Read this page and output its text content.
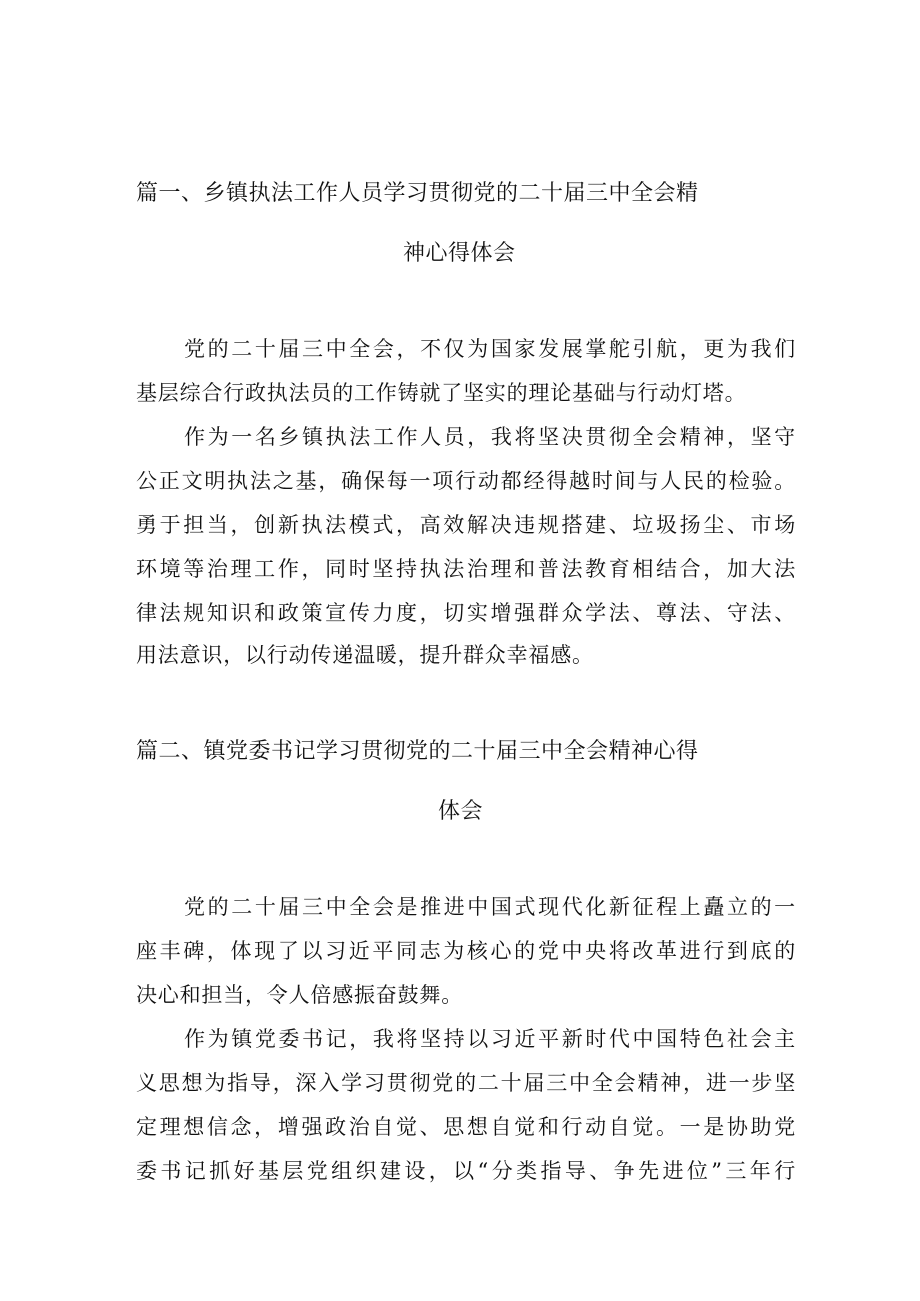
篇一、乡镇执法工作人员学习贯彻党的二十届三中全会精
神心得体会
党的二十届三中全会，不仅为国家发展掌舵引航，更为我们
基层综合行政执法员的工作铸就了坚实的理论基础与行动灯塔。
作为一名乡镇执法工作人员，我将坚决贯彻全会精神，坚守
公正文明执法之基，确保每一项行动都经得越时间与人民的检验。
勇于担当，创新执法模式，高效解决违规搭建、垃圾扬尘、市场
环境等治理工作，同时坚持执法治理和普法教育相结合，加大法
律法规知识和政策宣传力度，切实增强群众学法、尊法、守法、
用法意识，以行动传递温暖，提升群众幸福感。
篇二、镇党委书记学习贯彻党的二十届三中全会精神心得
体会
党的二十届三中全会是推进中国式现代化新征程上矗立的一
座丰碑，体现了以习近平同志为核心的党中央将改革进行到底的
决心和担当，令人倍感振奋鼓舞。
作为镇党委书记，我将坚持以习近平新时代中国特色社会主
义思想为指导，深入学习贯彻党的二十届三中全会精神，进一步坚
定理想信念，增强政治自觉、思想自觉和行动自觉。一是协助党
委书记抓好基层党组织建设，以“分类指导、争先进位”三年行
